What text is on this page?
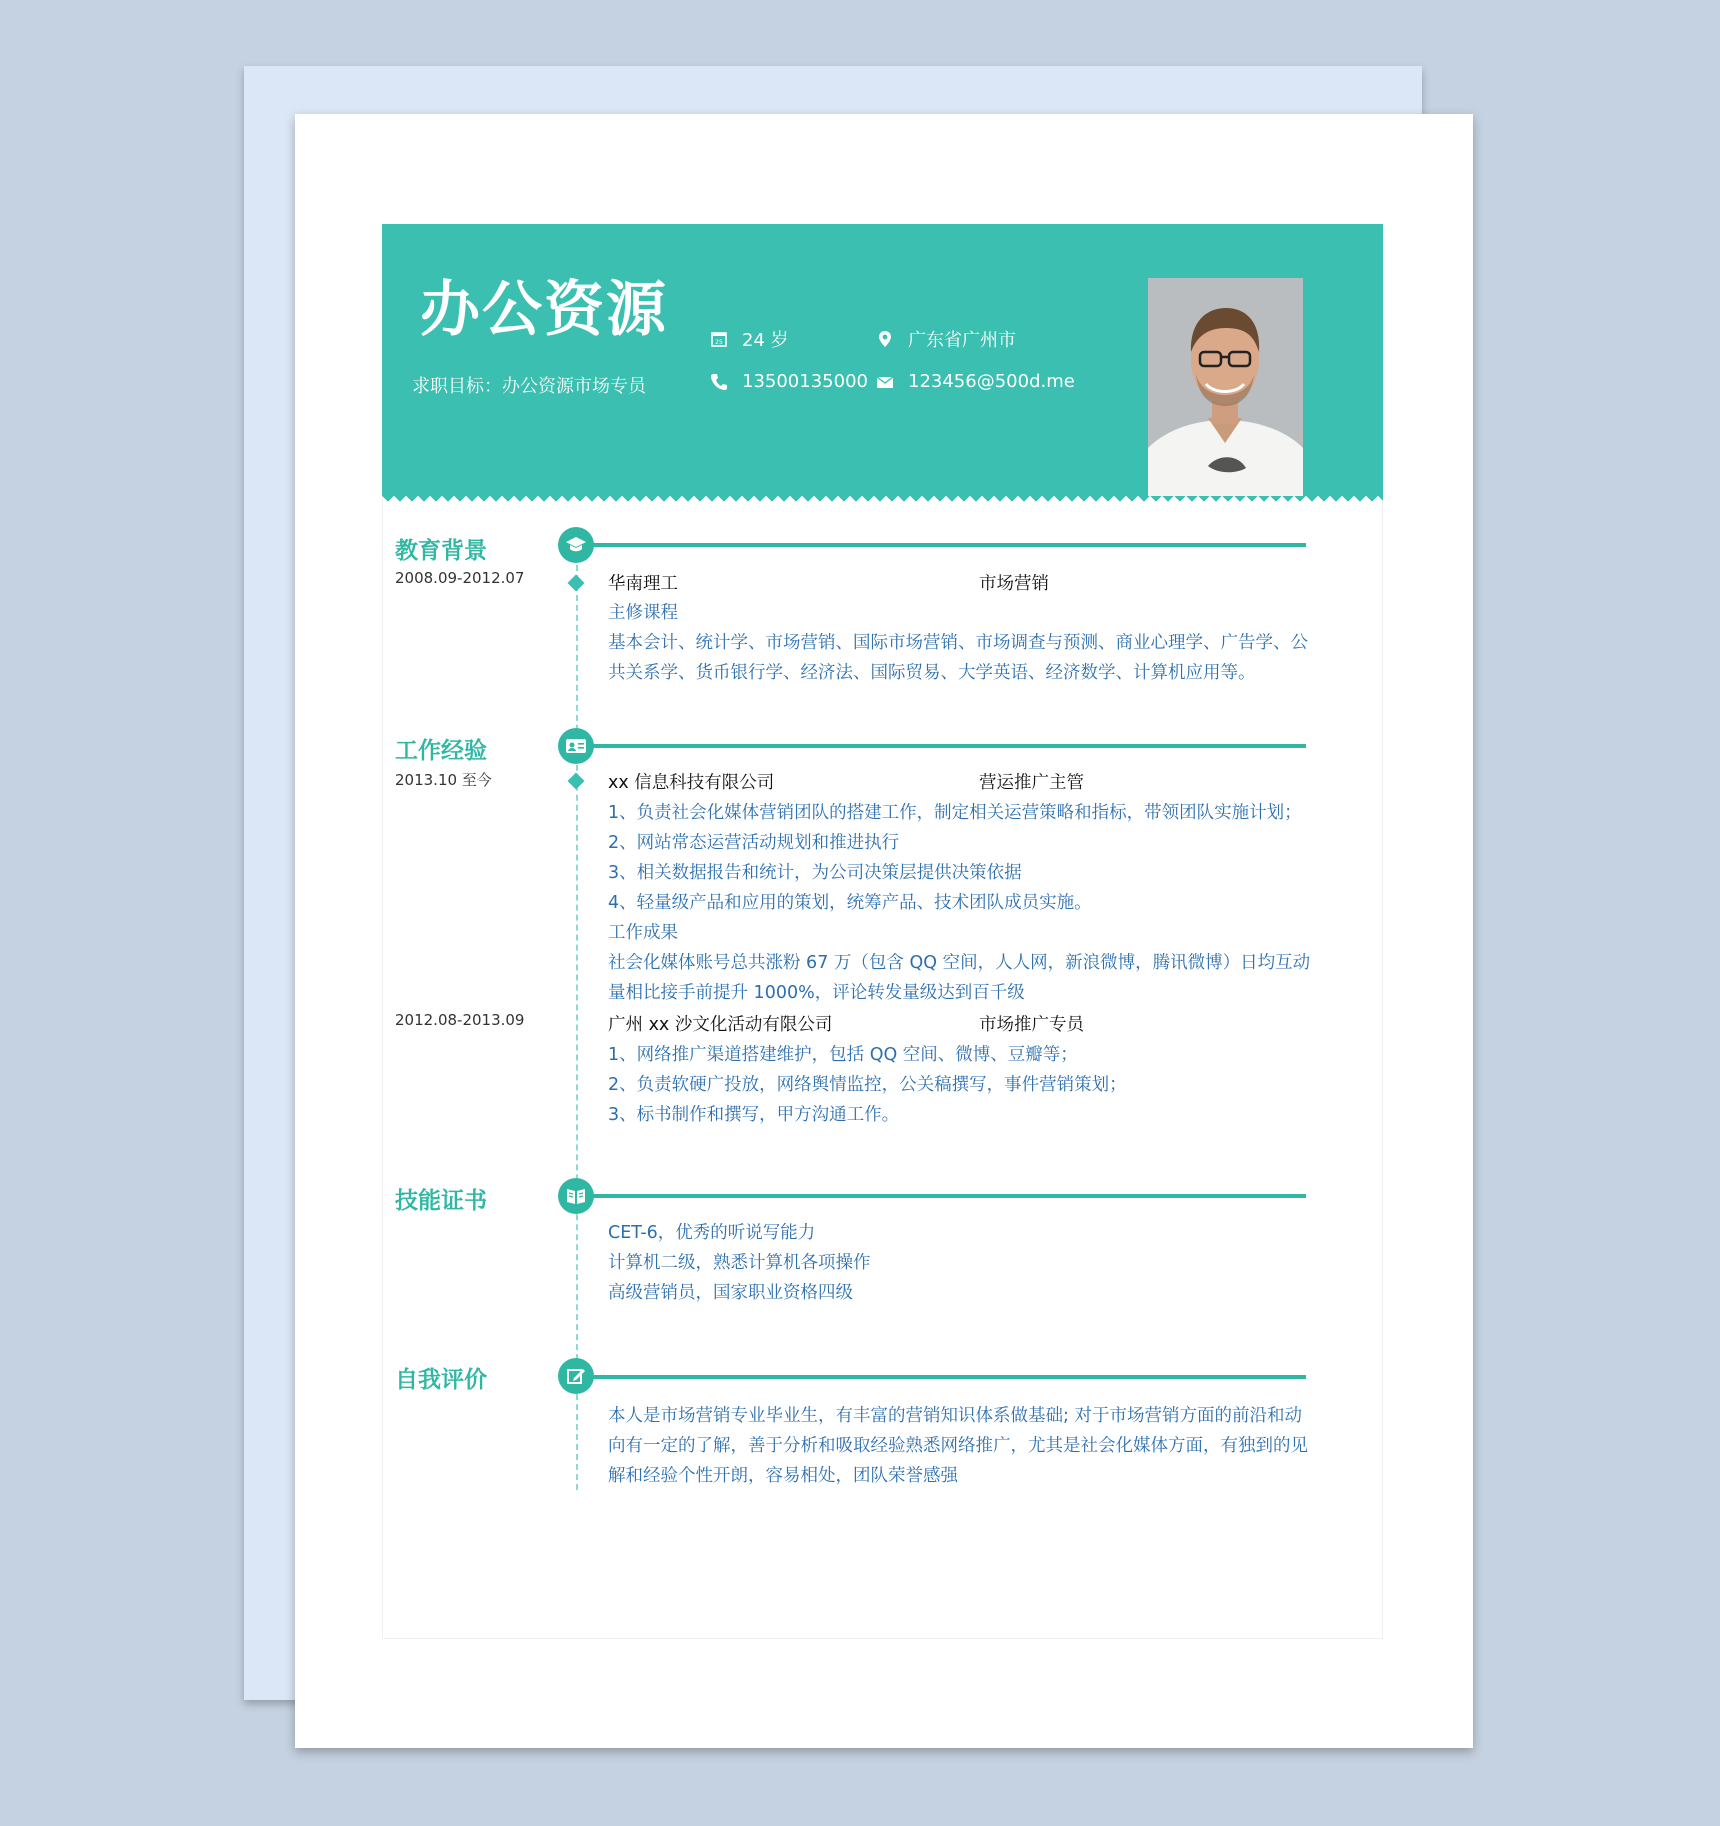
办公资源
求职目标：办公资源市场专员
25 24 岁	广东省广州市
13500135000 123456@500d.me
教育背景
2008.09-2012.07	华南理工	市场营销
主修课程
基本会计、统计学、市场营销、国际市场营销、市场调查与预测、商业心理学、广告学、公
共关系学、货币银行学、经济法、国际贸易、大学英语、经济数学、计算机应用等。
工作经验
2013.10 至今	xx 信息科技有限公司	营运推广主管
1、负责社会化媒体营销团队的搭建工作，制定相关运营策略和指标，带领团队实施计划；
2、网站常态运营活动规划和推进执行
3、相关数据报告和统计，为公司决策层提供决策依据
4、轻量级产品和应用的策划，统筹产品、技术团队成员实施。
工作成果
社会化媒体账号总共涨粉 67 万（包含 QQ 空间，人人网，新浪微博，腾讯微博）日均互动
量相比接手前提升 1000%，评论转发量级达到百千级
2012.08-2013.09	广州 xx 沙文化活动有限公司	市场推广专员
1、网络推广渠道搭建维护，包括 QQ 空间、微博、豆瓣等；
2、负责软硬广投放，网络舆情监控，公关稿撰写，事件营销策划；
3、标书制作和撰写，甲方沟通工作。
技能证书
CET-6，优秀的听说写能力
计算机二级，熟悉计算机各项操作
高级营销员，国家职业资格四级
自我评价
本人是市场营销专业毕业生，有丰富的营销知识体系做基础; 对于市场营销方面的前沿和动
向有一定的了解，善于分析和吸取经验熟悉网络推广，尤其是社会化媒体方面，有独到的见
解和经验个性开朗，容易相处，团队荣誉感强
